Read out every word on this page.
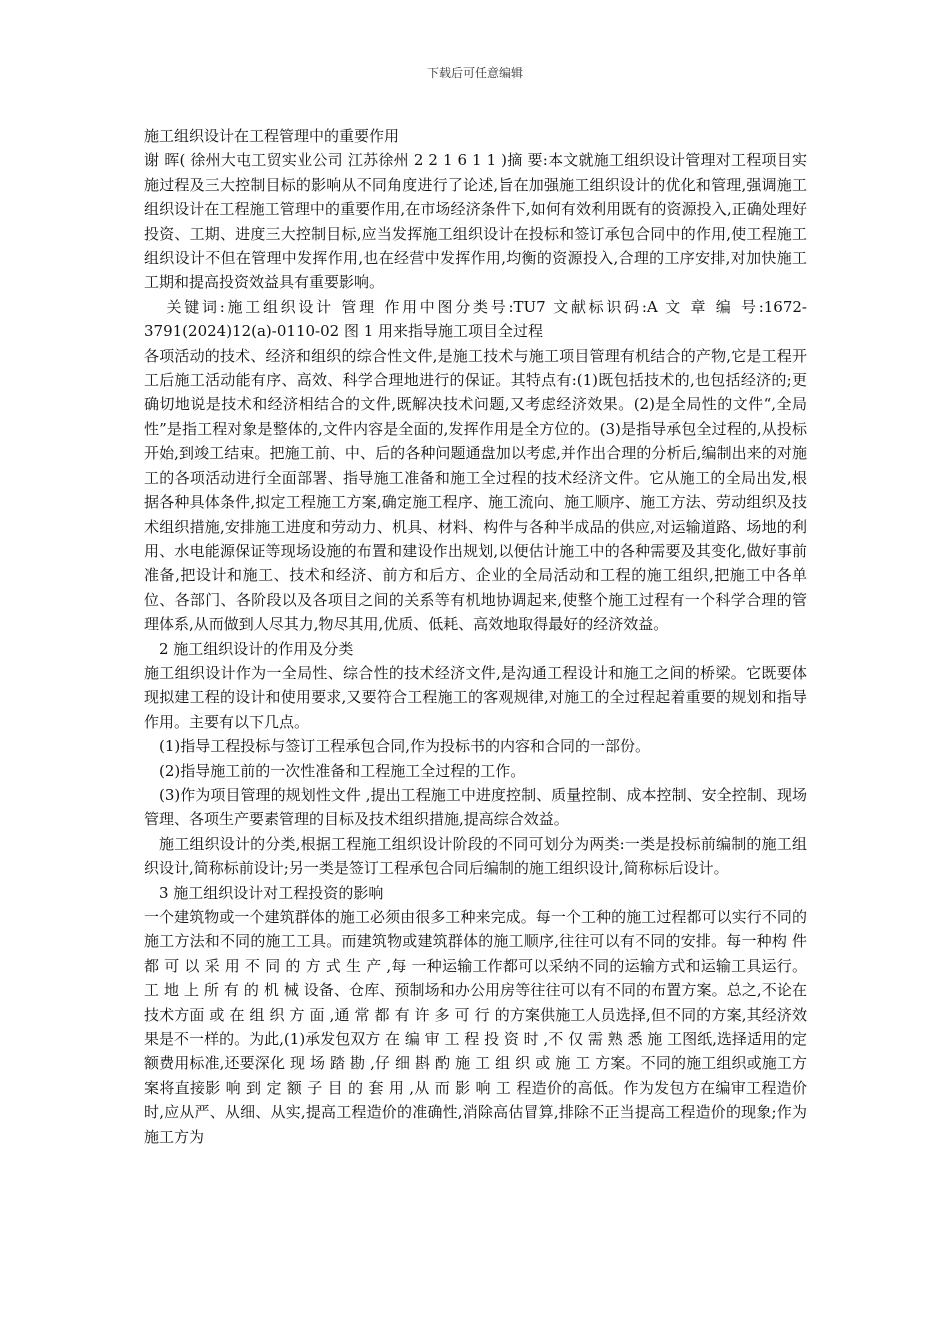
下载后可任意编辑

施工组织设计在工程管理中的重要作用

谢 晖( 徐州大屯工贸实业公司 江苏徐州 2 2 1 6 1 1 )摘 要:本文就施工组织设计管理对工程项目实施过程及三大控制目标的影响从不同角度进行了论述,旨在加强施工组织设计的优化和管理,强调施工组织设计在工程施工管理中的重要作用,在市场经济条件下,如何有效利用既有的资源投入,正确处理好投资、工期、进度三大控制目标,应当发挥施工组织设计在投标和签订承包合同中的作用,使工程施工组织设计不但在管理中发挥作用,也在经营中发挥作用,均衡的资源投入,合理的工序安排,对加快施工工期和提高投资效益具有重要影响。

关键词:施工组织设计 管理 作用中图分类号:TU7 文献标识码:A 文 章 编 号:1672-3791(2024)12(a)-0110-02 图 1 用来指导施工项目全过程

各项活动的技术、经济和组织的综合性文件,是施工技术与施工项目管理有机结合的产物,它是工程开工后施工活动能有序、高效、科学合理地进行的保证。其特点有:(1)既包括技术的,也包括经济的;更确切地说是技术和经济相结合的文件,既解决技术问题,又考虑经济效果。(2)是全局性的文件“,全局性”是指工程对象是整体的,文件内容是全面的,发挥作用是全方位的。(3)是指导承包全过程的,从投标开始,到竣工结束。把施工前、中、后的各种问题通盘加以考虑,并作出合理的分析后,编制出来的对施工的各项活动进行全面部署、指导施工准备和施工全过程的技术经济文件。它从施工的全局出发,根据各种具体条件,拟定工程施工方案,确定施工程序、施工流向、施工顺序、施工方法、劳动组织及技术组织措施,安排施工进度和劳动力、机具、材料、构件与各种半成品的供应,对运输道路、场地的利用、水电能源保证等现场设施的布置和建设作出规划,以便估计施工中的各种需要及其变化,做好事前准备,把设计和施工、技术和经济、前方和后方、企业的全局活动和工程的施工组织,把施工中各单位、各部门、各阶段以及各项目之间的关系等有机地协调起来,使整个施工过程有一个科学合理的管理体系,从而做到人尽其力,物尽其用,优质、低耗、高效地取得最好的经济效益。

2 施工组织设计的作用及分类

施工组织设计作为一全局性、综合性的技术经济文件,是沟通工程设计和施工之间的桥梁。它既要体现拟建工程的设计和使用要求,又要符合工程施工的客观规律,对施工的全过程起着重要的规划和指导作用。主要有以下几点。

(1)指导工程投标与签订工程承包合同,作为投标书的内容和合同的一部份。

(2)指导施工前的一次性准备和工程施工全过程的工作。

(3)作为项目管理的规划性文件 ,提出工程施工中进度控制、质量控制、成本控制、安全控制、现场管理、各项生产要素管理的目标及技术组织措施,提高综合效益。

施工组织设计的分类,根据工程施工组织设计阶段的不同可划分为两类:一类是投标前编制的施工组织设计,简称标前设计;另一类是签订工程承包合同后编制的施工组织设计,简称标后设计。

3 施工组织设计对工程投资的影响

一个建筑物或一个建筑群体的施工必须由很多工种来完成。每一个工种的施工过程都可以实行不同的施工方法和不同的施工工具。而建筑物或建筑群体的施工顺序,往往可以有不同的安排。每一种构 件 都 可 以 采 用 不 同 的 方 式 生 产 ,每 一种运输工作都可以采纳不同的运输方式和运输工具运行。工 地 上 所 有 的 机 械 设备、仓库、预制场和办公用房等往往可以有不同的布置方案。总之,不论在技术方面 或 在 组 织 方 面 ,通 常 都 有 许 多 可 行 的方案供施工人员选择,但不同的方案,其经济效果是不一样的。为此,(1)承发包双方 在 编 审 工 程 投 资 时 ,不 仅 需 熟 悉 施 工图纸,选择适用的定额费用标准,还要深化 现 场 踏 勘 ,仔 细 斟 酌 施 工 组 织 或 施 工 方案。不同的施工组织或施工方案将直接影 响 到 定 额 子 目 的 套 用 ,从 而 影 响 工 程造价的高低。作为发包方在编审工程造价时,应从严、从细、从实,提高工程造价的准确性,消除高估冒算,排除不正当提高工程造价的现象;作为施工方为
